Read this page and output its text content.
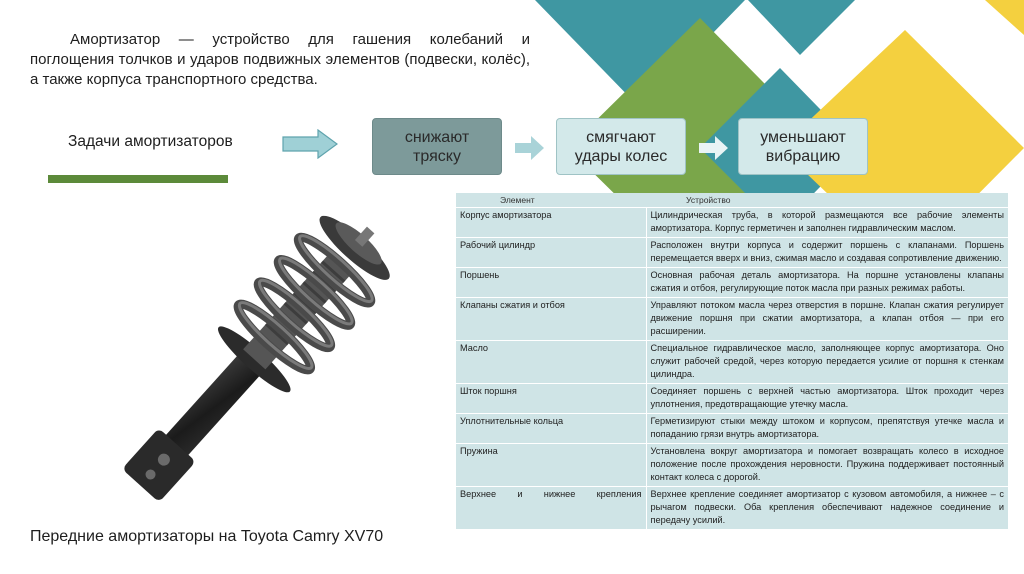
Амортизатор — устройство для гашения колебаний и поглощения толчков и ударов подвижных элементов (подвески, колёс), а также корпуса транспортного средства.
Задачи амортизаторов	снижают тряску
смягчают удары колес
уменьшают вибрацию
Элемент	Устройство
Корпус амортизатора	Цилиндрическая труба, в которой размещаются все рабочие элементы амортизатора. Корпус герметичен и заполнен гидравлическим маслом.
Рабочий цилиндр	Расположен внутри корпуса и содержит поршень с клапанами. Поршень перемещается вверх и вниз, сжимая масло и создавая сопротивление движению.
Поршень	Основная рабочая деталь амортизатора. На поршне установлены клапаны сжатия и отбоя, регулирующие поток масла при разных режимах работы.
Клапаны сжатия и отбоя	Управляют потоком масла через отверстия в поршне. Клапан сжатия регулирует движение поршня при сжатии амортизатора, а клапан отбоя — при его расширении.
Масло	Специальное гидравлическое масло, заполняющее корпус амортизатора. Оно служит рабочей средой, через которую передается усилие от поршня к стенкам цилиндра.
Шток поршня	Соединяет поршень с верхней частью амортизатора. Шток проходит через уплотнения, предотвращающие утечку масла.
Уплотнительные кольца	Герметизируют стыки между штоком и корпусом, препятствуя утечке масла и попаданию грязи внутрь амортизатора.
Пружина	Установлена вокруг амортизатора и помогает возвращать колесо в исходное положение после прохождения неровности. Пружина поддерживает постоянный контакт колеса с дорогой.
Верхнее и нижнее крепления	Верхнее крепление соединяет амортизатор с кузовом автомобиля, а нижнее – с рычагом подвески. Оба крепления обеспечивают надежное соединение и передачу усилий.
Передние амортизаторы на Toyota Camry XV70
